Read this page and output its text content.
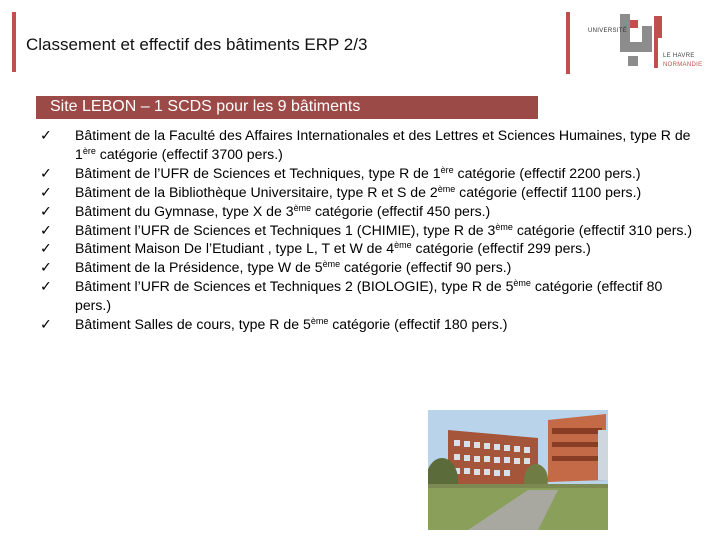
Classement et effectif des bâtiments ERP 2/3
UNIVERSITÉ
LE HAVRE
NORMANDIE
Site LEBON – 1 SCDS pour les 9 bâtiments
✓ Bâtiment de la Faculté des Affaires Internationales et des Lettres et Sciences Humaines, type R de 1ère catégorie (effectif 3700 pers.)
✓ Bâtiment de l’UFR de Sciences et Techniques, type R de 1ère catégorie (effectif 2200 pers.)
✓ Bâtiment de la Bibliothèque Universitaire, type R et S de 2ème catégorie (effectif 1100 pers.)
✓ Bâtiment du Gymnase, type X de 3ème catégorie (effectif 450 pers.)
✓ Bâtiment l’UFR de Sciences et Techniques 1 (CHIMIE), type R de 3ème catégorie (effectif 310 pers.)
✓ Bâtiment Maison De l’Etudiant , type L, T et W de 4ème catégorie (effectif 299 pers.)
✓ Bâtiment de la Présidence, type W de 5ème catégorie (effectif 90 pers.)
✓ Bâtiment l’UFR de Sciences et Techniques 2 (BIOLOGIE), type R de 5ème catégorie (effectif 80 pers.)
✓ Bâtiment Salles de cours, type R de 5ème catégorie (effectif 180 pers.)
